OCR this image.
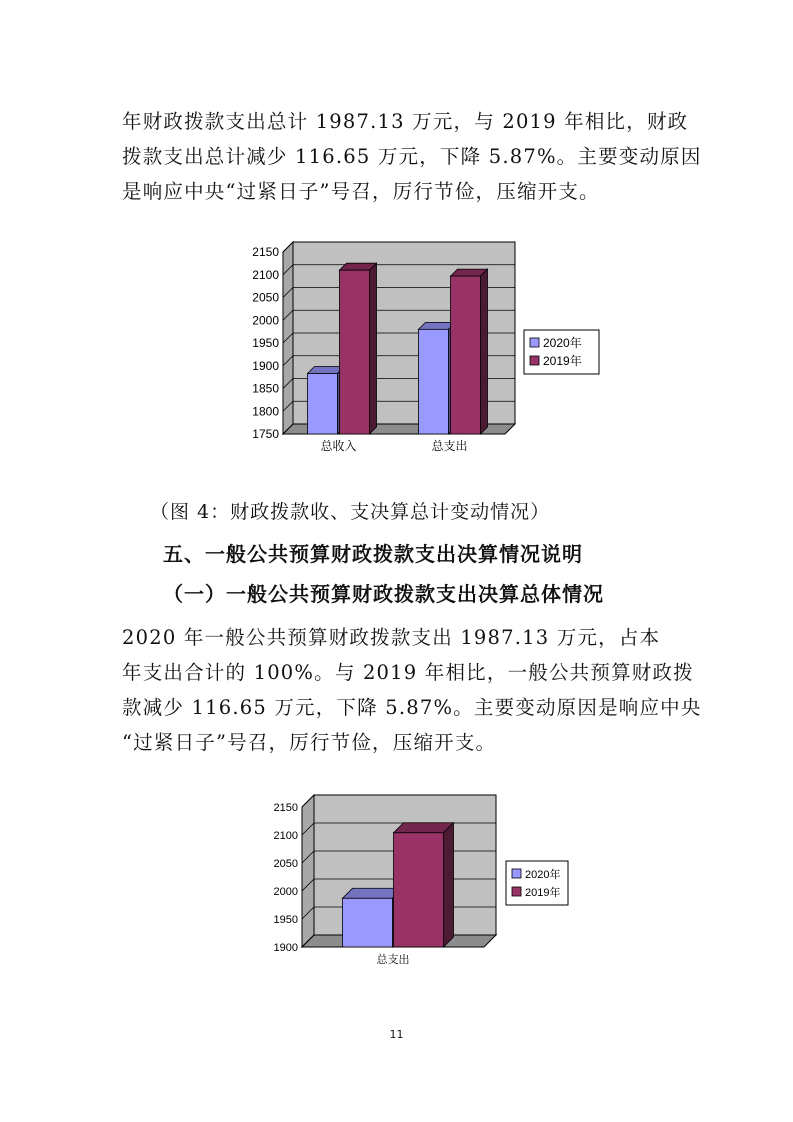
年财政拨款支出总计 1987.13 万元，与 2019 年相比，财政
拨款支出总计减少 116.65 万元，下降 5.87%。主要变动原因
是响应中央“过紧日子”号召，厉行节俭，压缩开支。
1750
1800
1850
1900
1950
2000
2050
2100
2150
总收入	总支出
2020年
2019年
（图 4：财政拨款收、支决算总计变动情况）
五、一般公共预算财政拨款支出决算情况说明
（一）一般公共预算财政拨款支出决算总体情况
2020 年一般公共预算财政拨款支出 1987.13 万元，占本
年支出合计的 100%。与 2019 年相比，一般公共预算财政拨
款减少 116.65 万元，下降 5.87%。主要变动原因是响应中央
“过紧日子”号召，厉行节俭，压缩开支。
1900
1950
2000
2050
2100
2150
总支出
2020年
2019年
11
